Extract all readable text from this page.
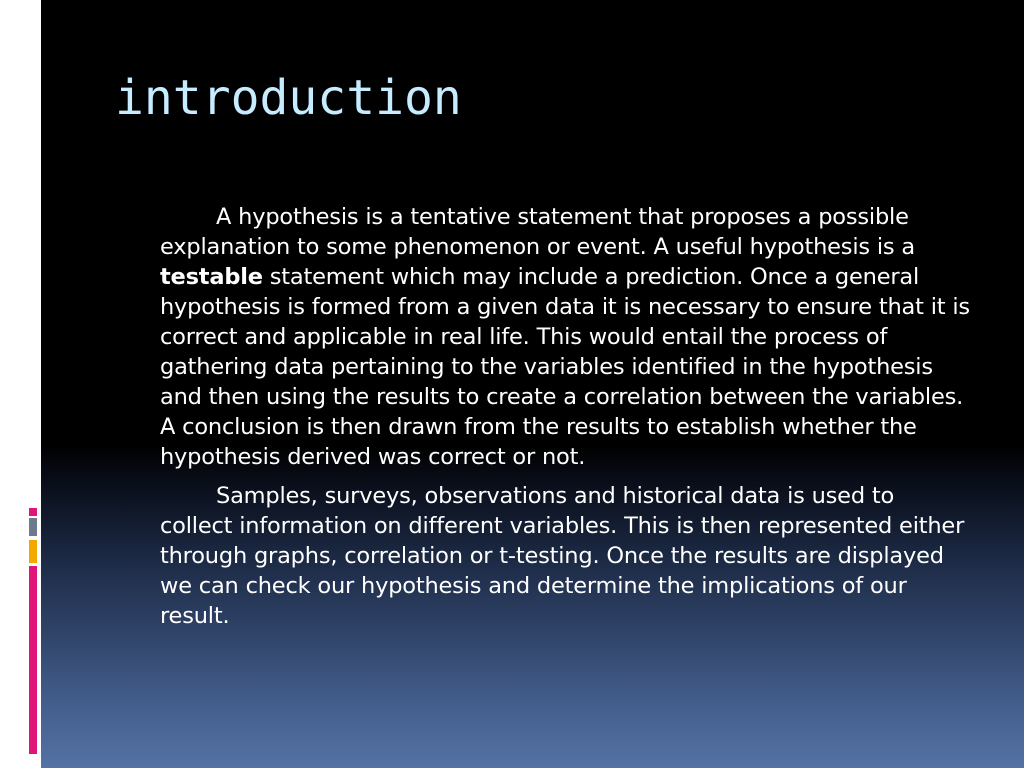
introduction

A hypothesis is a tentative statement that proposes a possible explanation to some phenomenon or event. A useful hypothesis is a testable statement which may include a prediction. Once a general hypothesis is formed from a given data it is necessary to ensure that it is correct and applicable in real life. This would entail the process of gathering data pertaining to the variables identified in the hypothesis and then using the results to create a correlation between the variables. A conclusion is then drawn from the results to establish whether the hypothesis derived was correct or not.

Samples, surveys, observations and historical data is used to collect information on different variables. This is then represented either through graphs, correlation or t-testing. Once the results are displayed we can check our hypothesis and determine the implications of our result.
